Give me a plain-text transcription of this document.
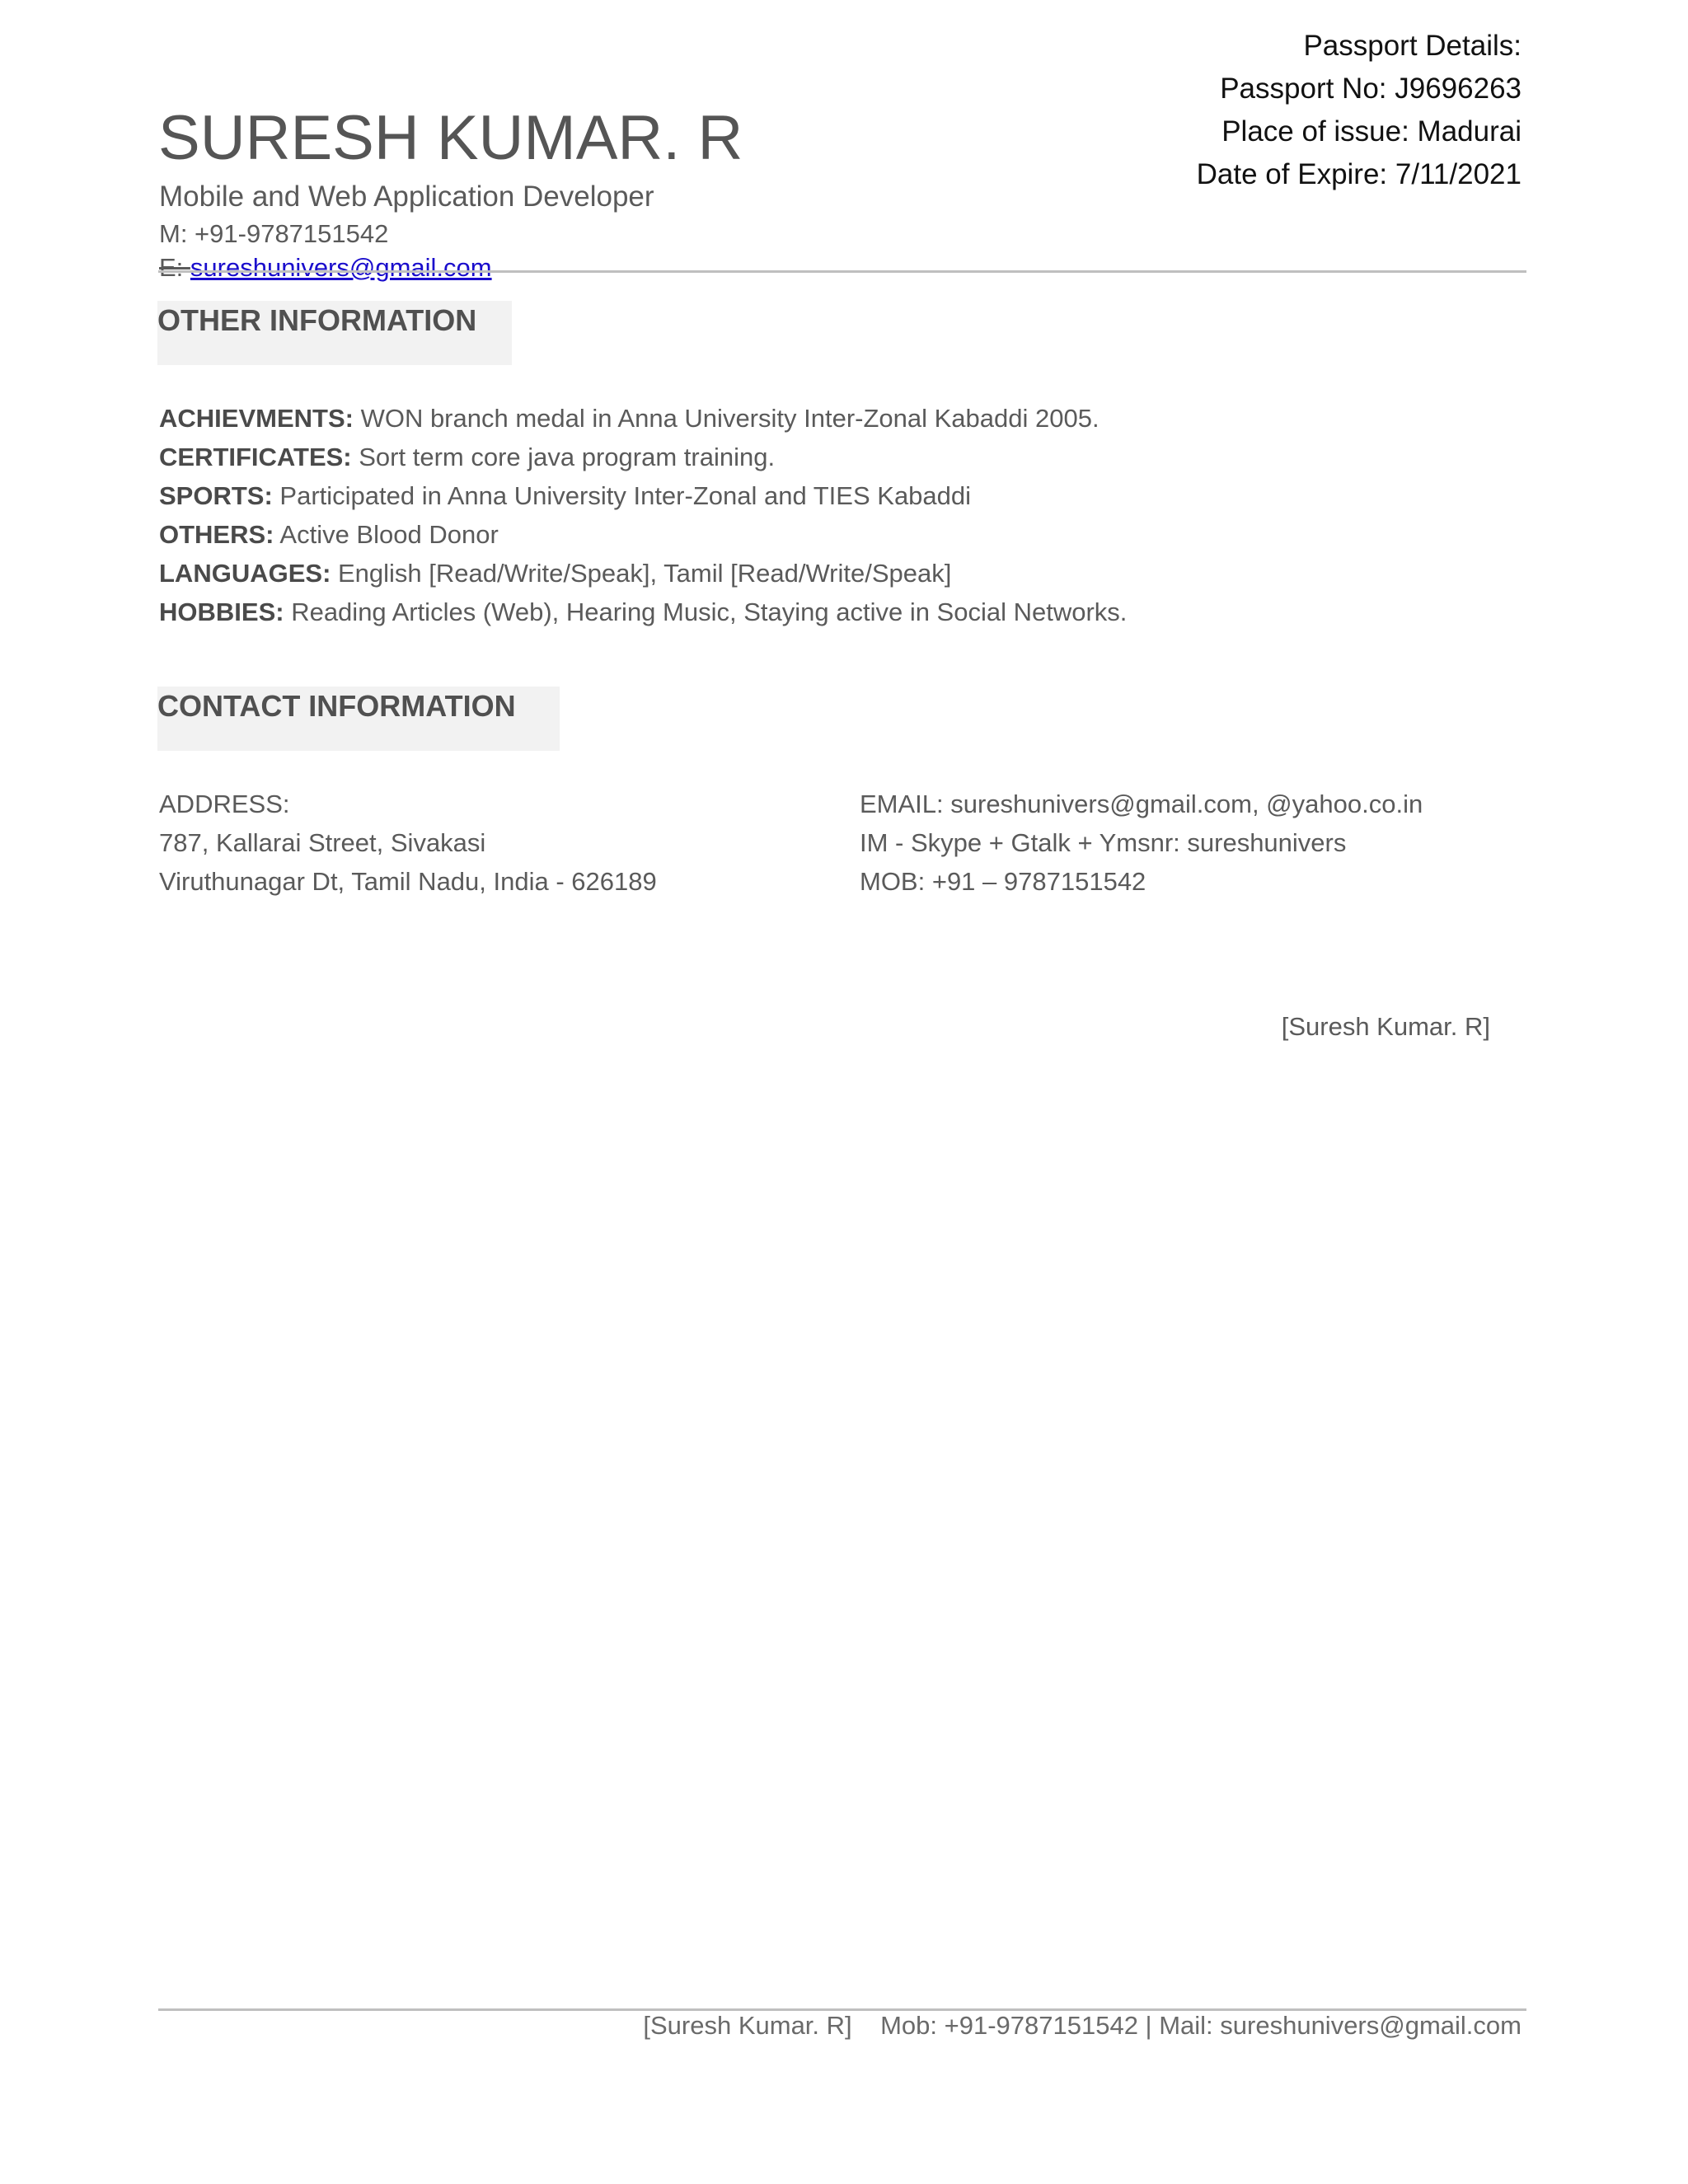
Passport Details:
Passport No: J9696263
Place of issue: Madurai
Date of Expire: 7/11/2021
SURESH KUMAR. R
Mobile and Web Application Developer
M: +91-9787151542
E: sureshunivers@gmail.com
OTHER INFORMATION
ACHIEVMENTS: WON branch medal in Anna University Inter-Zonal Kabaddi 2005.
CERTIFICATES: Sort term core java program training.
SPORTS: Participated in Anna University Inter-Zonal and TIES Kabaddi
OTHERS: Active Blood Donor
LANGUAGES: English [Read/Write/Speak], Tamil [Read/Write/Speak]
HOBBIES: Reading Articles (Web), Hearing Music, Staying active in Social Networks.
CONTACT INFORMATION
ADDRESS:
787, Kallarai Street, Sivakasi
Viruthunagar Dt, Tamil Nadu, India - 626189
EMAIL: sureshunivers@gmail.com, @yahoo.co.in
IM - Skype + Gtalk + Ymsnr: sureshunivers
MOB: +91 – 9787151542
[Suresh Kumar. R]
[Suresh Kumar. R]    Mob: +91-9787151542 | Mail: sureshunivers@gmail.com
